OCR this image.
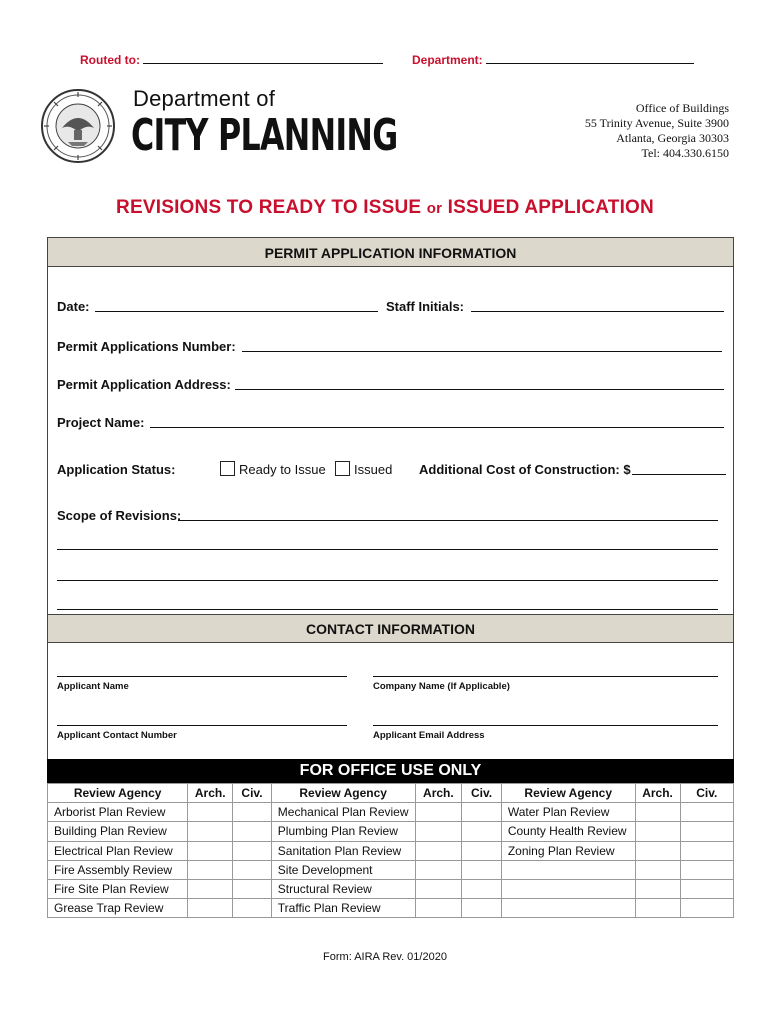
Routed to:	Department:
Department of
CITY PLANNING
Office of Buildings
55 Trinity Avenue, Suite 3900
Atlanta, Georgia 30303
Tel: 404.330.6150
REVISIONS TO READY TO ISSUE or ISSUED APPLICATION
PERMIT APPLICATION INFORMATION
Date:	Staff Initials:
Permit Applications Number:
Permit Application Address:
Project Name:
Application Status:	Ready to Issue	Issued Additional Cost of Construction: $
Scope of Revisions:
CONTACT INFORMATION
Applicant Name	Company Name (If Applicable)
Applicant Contact Number	Applicant Email Address
FOR OFFICE USE ONLY
Review Agency	Arch.	Civ.	Review Agency	Arch.	Civ.	Review Agency	Arch.	Civ.
Arborist Plan Review			Mechanical Plan Review			Water Plan Review		
Building Plan Review			Plumbing Plan Review			County Health Review		
Electrical Plan Review			Sanitation Plan Review			Zoning Plan Review		
Fire Assembly Review			Site Development					
Fire Site Plan Review			Structural Review					
Grease Trap Review			Traffic Plan Review					
Form: AIRA Rev. 01/2020
